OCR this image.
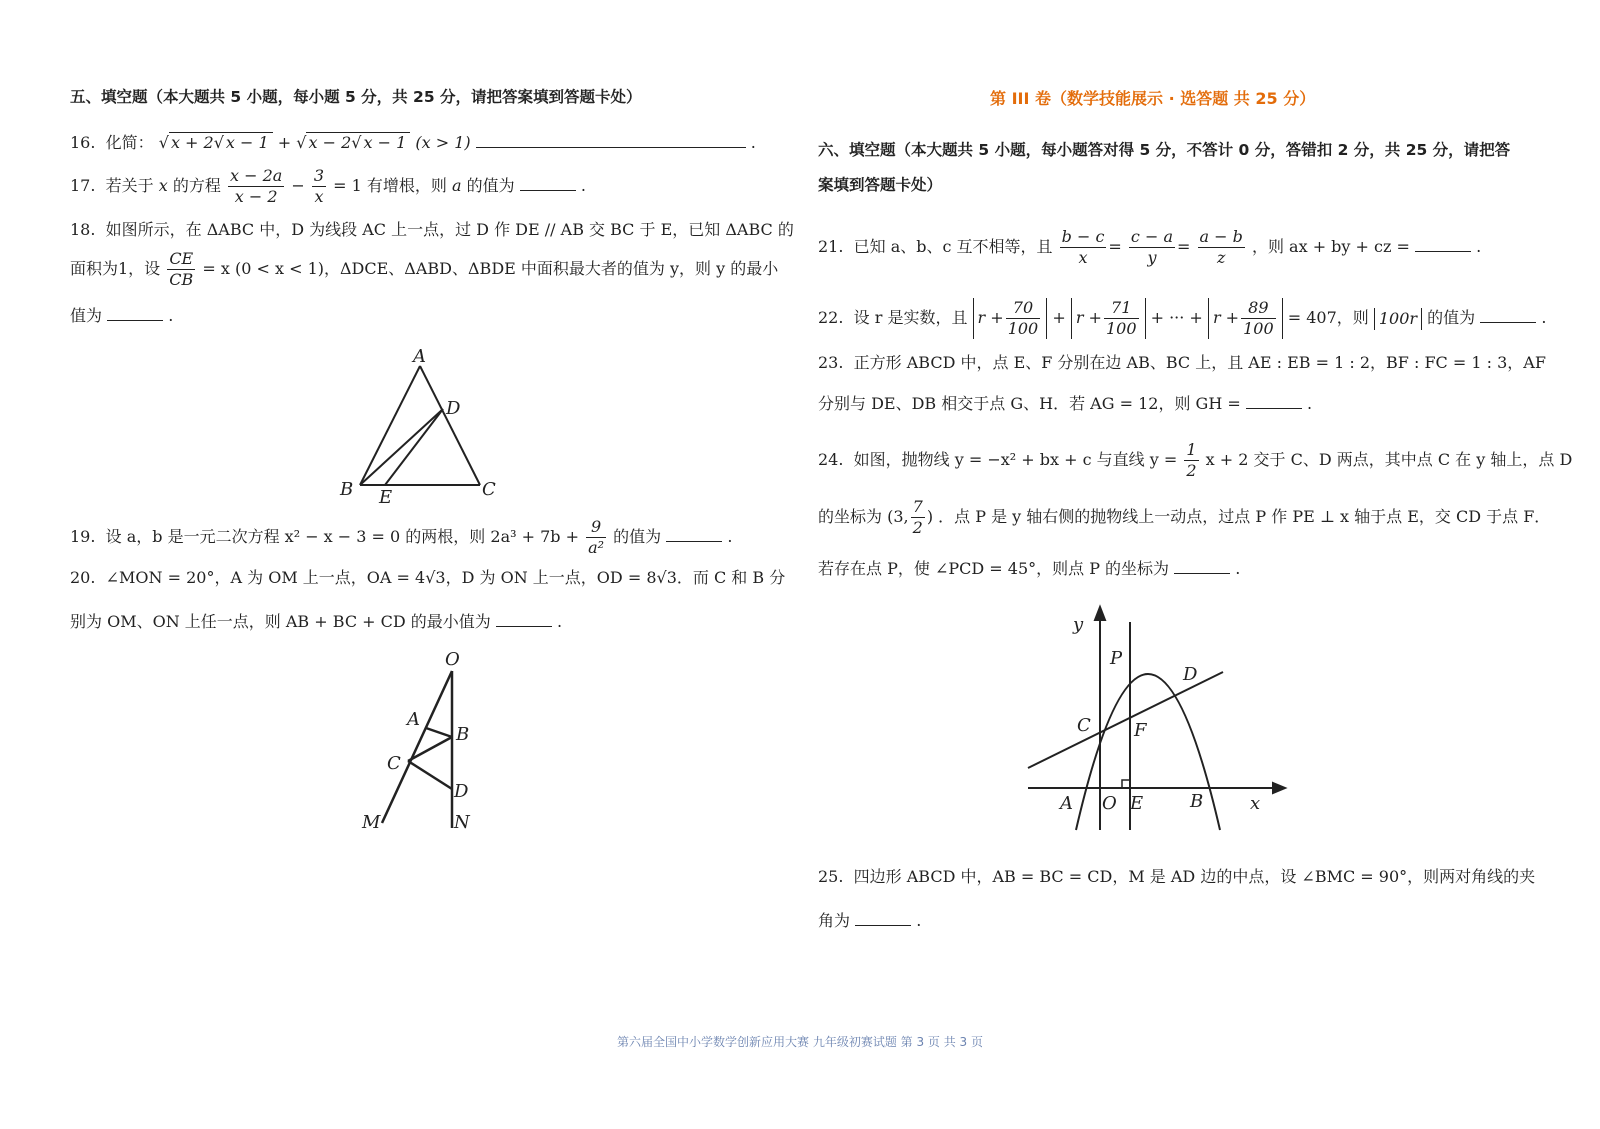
五、填空题（本大题共 5 小题，每小题 5 分，共 25 分，请把答案填到答题卡处）
16. 化简： √ x + 2√ x − 1 + √ x − 2√ x − 1 (x > 1)	.
17. 若关于 x 的方程 $\frac{x - 2a}{x - 2} - \frac{3}{x} = 1$ 有增根，则 a 的值为	.
18. 如图所示，在 ΔABC 中，D 为线段 AC 上一点，过 D 作 DE // AB 交 BC 于 E，已知 ΔABC 的
面积为1，设 $\frac{CE}{CB} = x$ (0 < x < 1)，ΔDCE、ΔABD、ΔBDE 中面积最大者的值为 y，则 y 的最小
值为	.
A
D
B E	C
19. 设 a，b 是一元二次方程 x² − x − 3 = 0 的两根，则 $2a^3 + 7b + \frac{9}{\text{a²}}$ 的值为	.
20. ∠MON = 20°，A 为 OM 上一点，OA = 4√3，D 为 ON 上一点，OD = 8√3．而 C 和 B 分
别为 OM、ON 上任一点，则 AB + BC + CD 的最小值为	.
O
A
B
C
D
M	N
第 III 卷（数学技能展示 · 选答题 共 25 分）
六、填空题（本大题共 5 小题，每小题答对得 5 分，不答计 0 分，答错扣 2 分，共 25 分，请把答
案填到答题卡处）
21. 已知 a、b、c 互不相等，且 $\frac{b - c}{x} = \frac{c - a}{y} = \frac{a - b}{z}$ ，则 ax + by + cz =	.
22. 设 r 是实数，且 $r + \frac{70}{100} + r + \frac{71}{100}$ + ··· + $r + \frac{89}{100} = 407$，则 100r 的值为	.
23. 正方形 ABCD 中，点 E、F 分别在边 AB、BC 上，且 AE : EB = 1 : 2，BF : FC = 1 : 3，AF
分别与 DE、DB 相交于点 G、H．若 AG = 12，则 GH =	.
24. 如图，抛物线 y = −x² + bx + c 与直线 $y = \frac{1}{2}$ x + 2 交于 C、D 两点，其中点 C 在 y 轴上，点 D
的坐标为 (3, $\frac{7}{2}$ ) ．点 P 是 y 轴右侧的抛物线上一动点，过点 P 作 PE ⊥ x 轴于点 E，交 CD 于点 F．
若存在点 P，使 ∠PCD = 45°，则点 P 的坐标为	.
y
P
D
C F
A O E	B	x
25. 四边形 ABCD 中，AB = BC = CD，M 是 AD 边的中点，设 ∠BMC = 90°，则两对角线的夹
角为	.
第六届全国中小学数学创新应用大赛 九年级初赛试题 第 3 页 共 3 页
